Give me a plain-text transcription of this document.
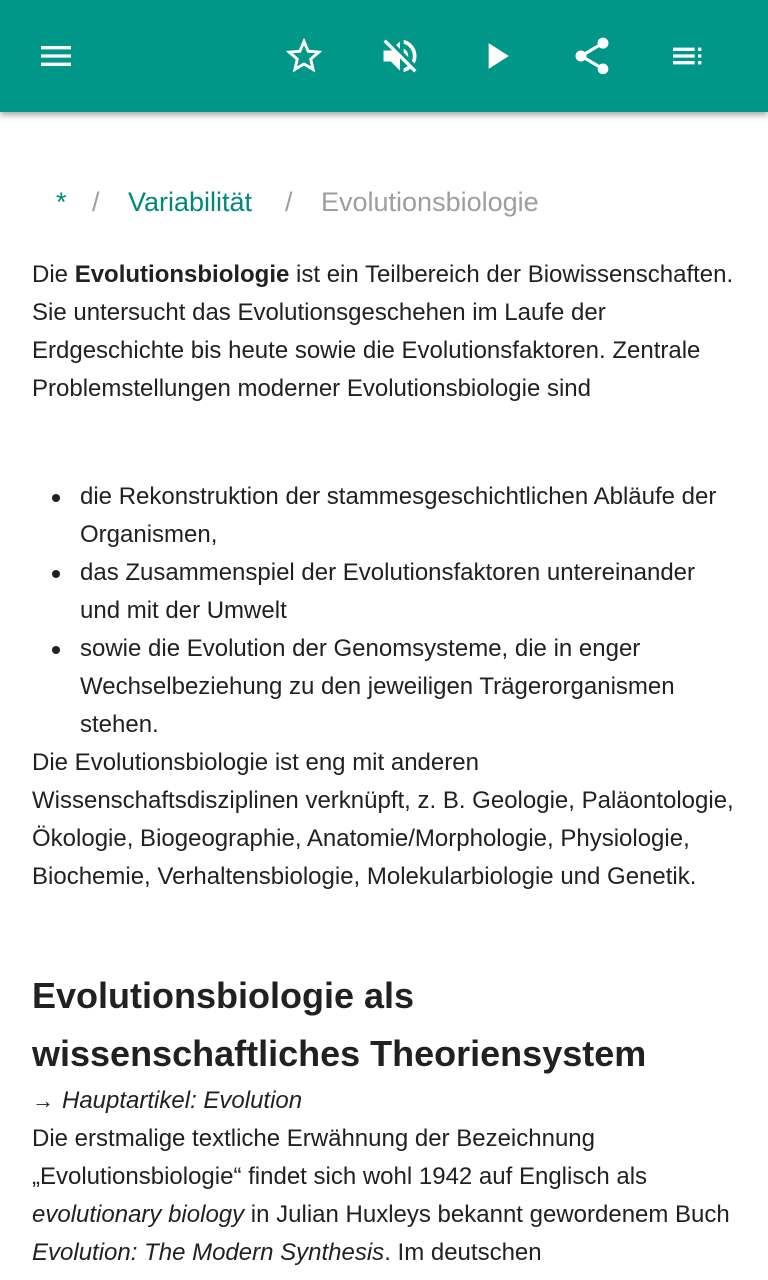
* / Variabilität / Evolutionsbiologie

Die Evolutionsbiologie ist ein Teilbereich der Biowissenschaften. Sie untersucht das Evolutionsgeschehen im Laufe der Erdgeschichte bis heute sowie die Evolutionsfaktoren. Zentrale Problemstellungen moderner Evolutionsbiologie sind

die Rekonstruktion der stammesgeschichtlichen Abläufe der Organismen,
das Zusammenspiel der Evolutionsfaktoren untereinander und mit der Umwelt
sowie die Evolution der Genomsysteme, die in enger Wechselbeziehung zu den jeweiligen Trägerorganismen stehen.

Die Evolutionsbiologie ist eng mit anderen Wissenschaftsdisziplinen verknüpft, z. B. Geologie, Paläontologie, Ökologie, Biogeographie, Anatomie/Morphologie, Physiologie, Biochemie, Verhaltensbiologie, Molekularbiologie und Genetik.

Evolutionsbiologie als wissenschaftliches Theoriensystem
→ Hauptartikel: Evolution

Die erstmalige textliche Erwähnung der Bezeichnung „Evolutionsbiologie“ findet sich wohl 1942 auf Englisch als evolutionary biology in Julian Huxleys bekannt gewordenem Buch Evolution: The Modern Synthesis. Im deutschen
